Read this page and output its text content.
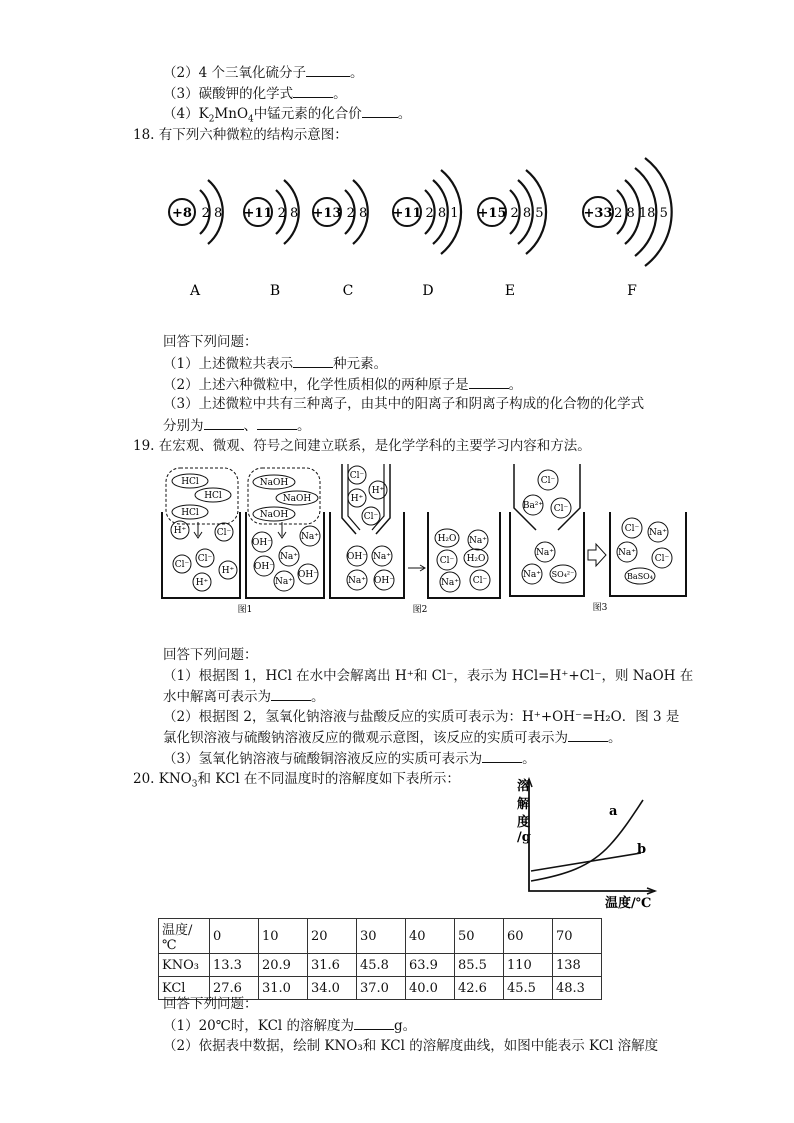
（2）4 个三氧化硫分子	。
（3）碳酸钾的化学式	。
$(4)K_2MnO_4$中锰元素的化合价	。
18. 有下列六种微粒的结构示意图：
+8 2 8
A
+11 2 8
B
+13 2 8
C
+11 2 8 1
D
+15 2 8 5
E
+33 2 8 18 5
F
回答下列问题：
（1）上述微粒共表示	种元素。
（2）上述六种微粒中，化学性质相似的两种原子是	。
（3）上述微粒中共有三种离子，由其中的阳离子和阴离子构成的化合物的化学式
分别为	、	。
19. 在宏观、微观、符号之间建立联系，是化学学科的主要学习内容和方法。
HCl
HCl
HCl
H⁺	Cl⁻
Cl⁻
Cl⁻
H⁺
H⁺
NaOH
NaOH
NaOH
OH⁻
Na⁺
Na⁺
OH⁻
OH⁻
Na⁺
图1
Cl⁻
H⁺
H⁺
Cl⁻
OH⁻ Na⁺
Na⁺ OH⁻
H₂O Na⁺
Cl⁻ H₂O
Na⁺ Cl⁻
图2
Cl⁻
Ba²⁺ Cl⁻
Na⁺
Na⁺ SO₄²⁻
Cl⁻ Na⁺
Na⁺
Cl⁻
BaSO₄
图3
回答下列问题：
（1）根据图 1，HCl 在水中会解离出 H⁺和 Cl⁻，表示为 HCl=H⁺+Cl⁻，则 NaOH 在
水中解离可表示为	。
（2）根据图 2，氢氧化钠溶液与盐酸反应的实质可表示为：H⁺+OH⁻=H₂O．图 3 是
氯化钡溶液与硫酸钠溶液反应的微观示意图，该反应的实质可表示为	。
（3）氢氧化钠溶液与硫酸铜溶液反应的实质可表示为	。
20. $KNO_3$和 KCl 在不同温度时的溶解度如下表所示：	溶
解
度
/g
a
b
温度/℃
温度/℃	0	10	20	30	40	50	60	70
KNO₃	13.3	20.9	31.6	45.8	63.9	85.5	110	138
KCl	27.6	31.0	34.0	37.0	40.0	42.6	45.5	48.3
回答下列问题：
（1）20℃时，KCl 的溶解度为	g。
（2）依据表中数据，绘制 KNO₃和 KCl 的溶解度曲线，如图中能表示 KCl 溶解度
